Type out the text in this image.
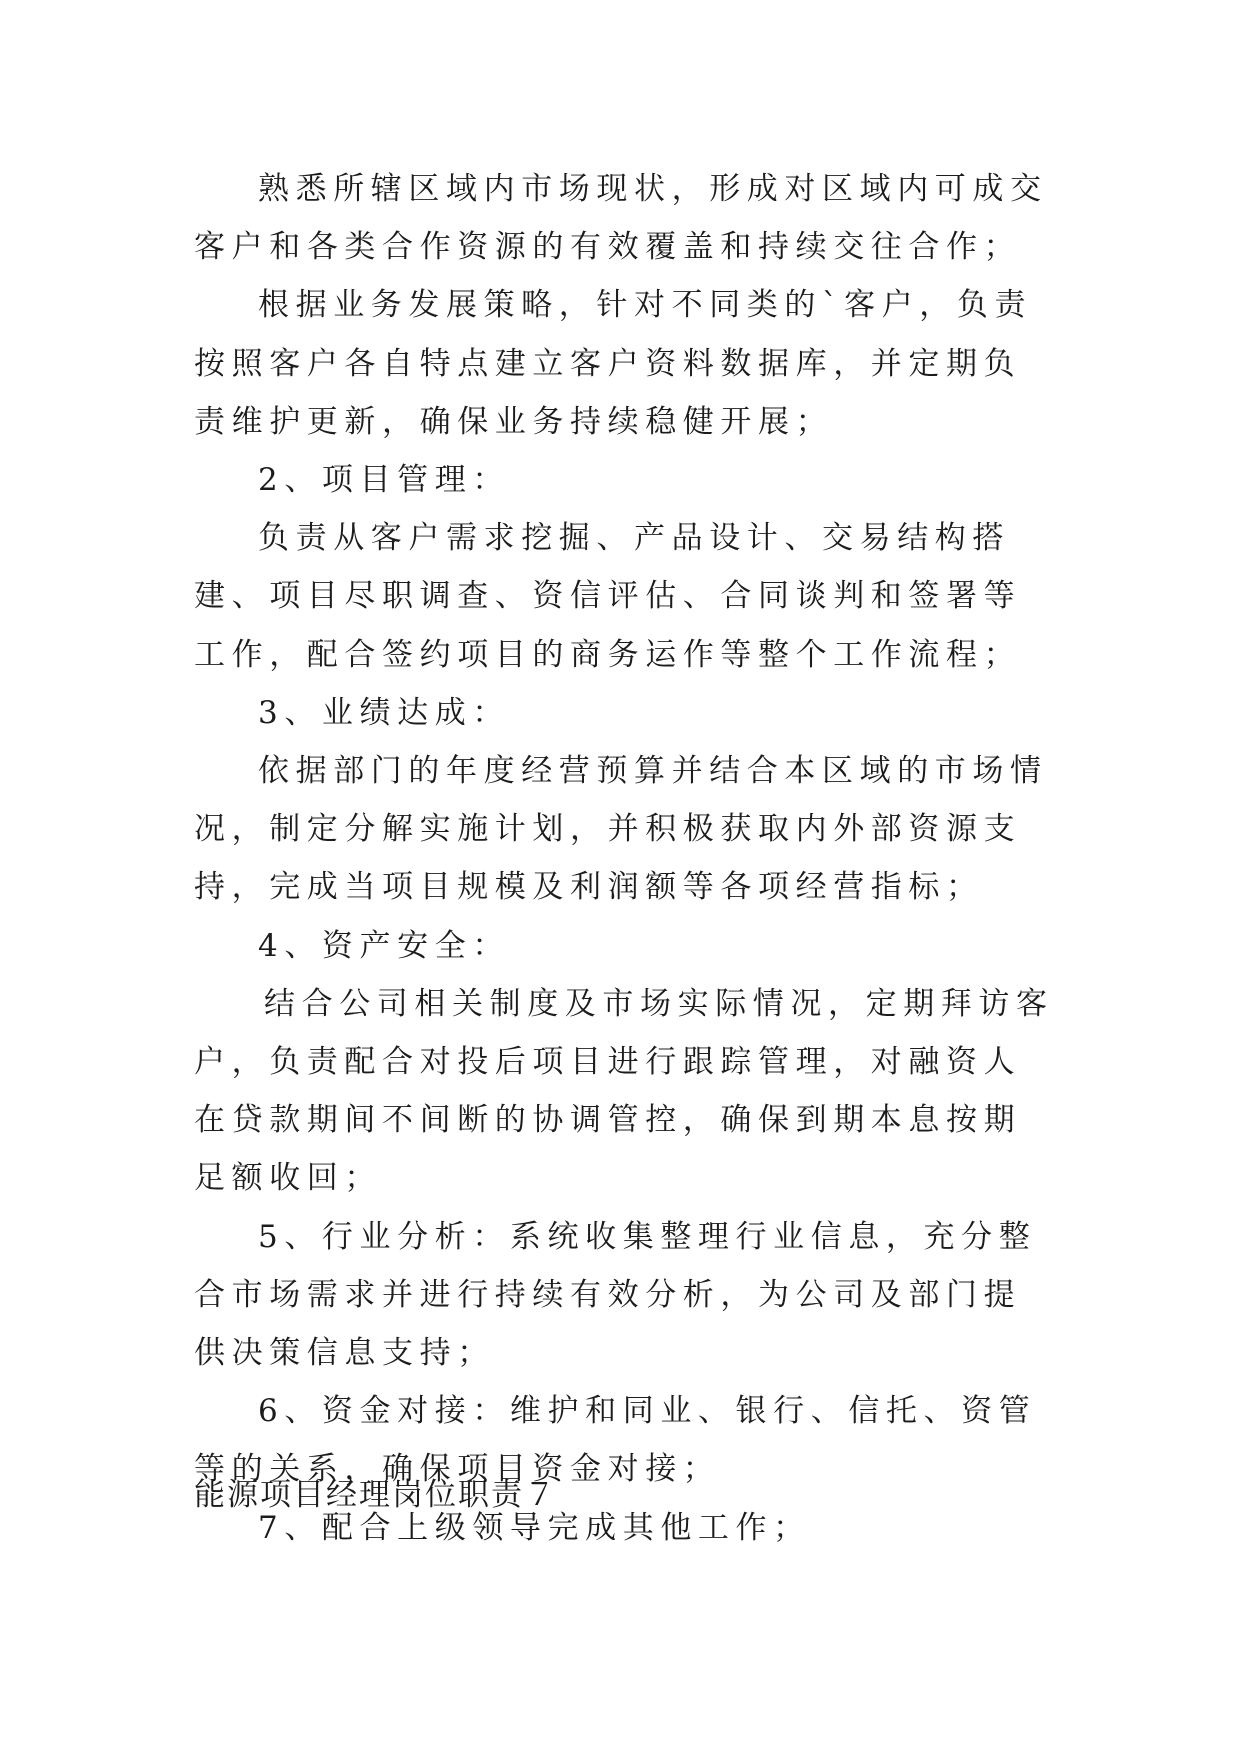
熟悉所辖区域内市场现状，形成对区域内可成交客户和各类合作资源的有效覆盖和持续交往合作；

根据业务发展策略，针对不同类的`客户，负责按照客户各自特点建立客户资料数据库，并定期负责维护更新，确保业务持续稳健开展；

2、项目管理：

负责从客户需求挖掘、产品设计、交易结构搭建、项目尽职调查、资信评估、合同谈判和签署等工作，配合签约项目的商务运作等整个工作流程；

3、业绩达成：

依据部门的年度经营预算并结合本区域的市场情况，制定分解实施计划，并积极获取内外部资源支持，完成当项目规模及利润额等各项经营指标；

4、资产安全：

结合公司相关制度及市场实际情况，定期拜访客户，负责配合对投后项目进行跟踪管理，对融资人在贷款期间不间断的协调管控，确保到期本息按期足额收回；

5、行业分析：系统收集整理行业信息，充分整合市场需求并进行持续有效分析，为公司及部门提供决策信息支持；

6、资金对接：维护和同业、银行、信托、资管等的关系，确保项目资金对接；

7、配合上级领导完成其他工作；

能源项目经理岗位职责７
